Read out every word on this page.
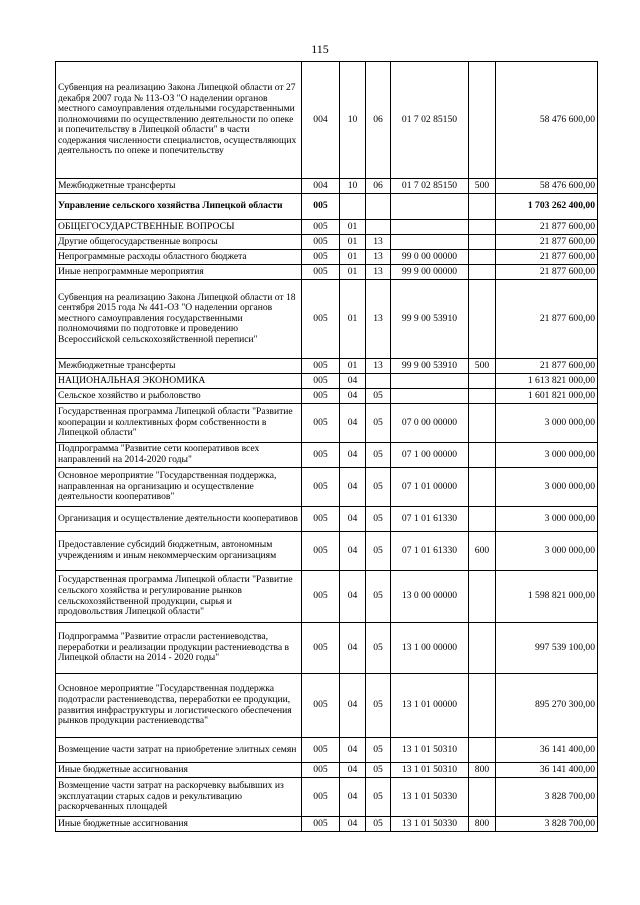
115
Субвенция на реализацию Закона Липецкой области от 27 декабря 2007 года № 113-ОЗ "О наделении органов местного самоуправления отдельными государственными полномочиями по осуществлению деятельности по опеке и попечительству в Липецкой области" в части содержания численности специалистов, осуществляющих деятельность по опеке и попечительству	004	10	06	01 7 02 85150		58 476 600,00
Межбюджетные трансферты	004	10	06	01 7 02 85150	500	58 476 600,00
Управление сельского хозяйства Липецкой области	005					1 703 262 400,00
ОБЩЕГОСУДАРСТВЕННЫЕ ВОПРОСЫ	005	01				21 877 600,00
Другие общегосударственные вопросы	005	01	13			21 877 600,00
Непрограммные расходы областного бюджета	005	01	13	99 0 00 00000		21 877 600,00
Иные непрограммные мероприятия	005	01	13	99 9 00 00000		21 877 600,00
Субвенция на реализацию Закона Липецкой области от 18 сентября 2015 года № 441-ОЗ "О наделении органов местного самоуправления государственными полномочиями по подготовке и проведению Всероссийской сельскохозяйственной переписи"	005	01	13	99 9 00 53910		21 877 600,00
Межбюджетные трансферты	005	01	13	99 9 00 53910	500	21 877 600,00
НАЦИОНАЛЬНАЯ ЭКОНОМИКА	005	04				1 613 821 000,00
Сельское хозяйство и рыболовство	005	04	05			1 601 821 000,00
Государственная программа Липецкой области "Развитие кооперации и коллективных форм собственности в Липецкой области"	005	04	05	07 0 00 00000		3 000 000,00
Подпрограмма "Развитие сети кооперативов всех направлений на 2014-2020 годы"	005	04	05	07 1 00 00000		3 000 000,00
Основное мероприятие "Государственная поддержка, направленная на организацию и осуществление деятельности кооперативов"	005	04	05	07 1 01 00000		3 000 000,00
Организация и осуществление деятельности кооперативов	005	04	05	07 1 01 61330		3 000 000,00
Предоставление субсидий бюджетным, автономным учреждениям и иным некоммерческим организациям	005	04	05	07 1 01 61330	600	3 000 000,00
Государственная программа Липецкой области "Развитие сельского хозяйства и регулирование рынков сельскохозяйственной продукции, сырья и продовольствия Липецкой области"	005	04	05	13 0 00 00000		1 598 821 000,00
Подпрограмма "Развитие отрасли растениеводства, переработки и реализации продукции растениеводства в Липецкой области на 2014 - 2020 годы"	005	04	05	13 1 00 00000		997 539 100,00
Основное мероприятие "Государственная поддержка подотрасли растениеводства, переработки ее продукции, развития инфраструктуры и логистического обеспечения рынков продукции растениеводства"	005	04	05	13 1 01 00000		895 270 300,00
Возмещение части затрат на приобретение элитных семян	005	04	05	13 1 01 50310		36 141 400,00
Иные бюджетные ассигнования	005	04	05	13 1 01 50310	800	36 141 400,00
Возмещение части затрат на раскорчевку выбывших из эксплуатации старых садов и рекультивацию раскорчеванных площадей	005	04	05	13 1 01 50330		3 828 700,00
Иные бюджетные ассигнования	005	04	05	13 1 01 50330	800	3 828 700,00
